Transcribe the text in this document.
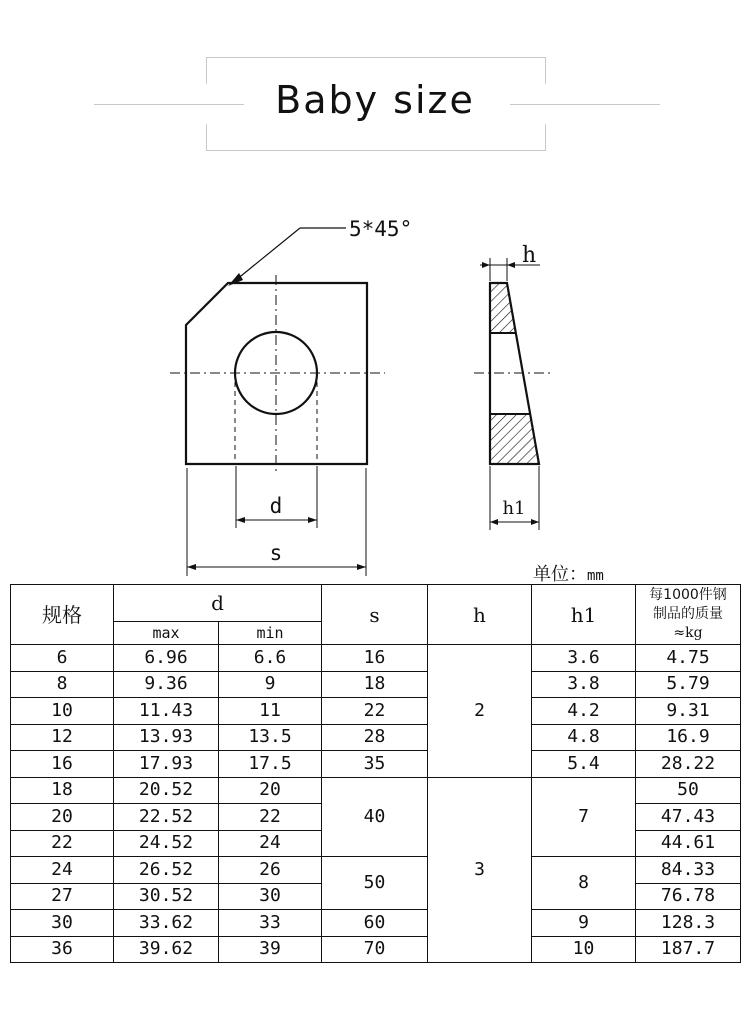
Baby size
5*45°
d
s
h
h1
单位：mm
规格	d		s	h	h1	每1000件钢
制品的质量
≈kg

	max	min				
6	6.96	6.6	16	2	3.6	4.75
8	9.36	9	18		3.8	5.79
10	11.43	11	22		4.2	9.31
12	13.93	13.5	28		4.8	16.9
16	17.93	17.5	35		5.4	28.22
18	20.52	20	40	3	7	50
20	22.52	22				47.43
22	24.52	24				44.61
24	26.52	26	50		8	84.33
27	30.52	30				76.78
30	33.62	33	60		9	128.3
36	39.62	39	70		10	187.7
